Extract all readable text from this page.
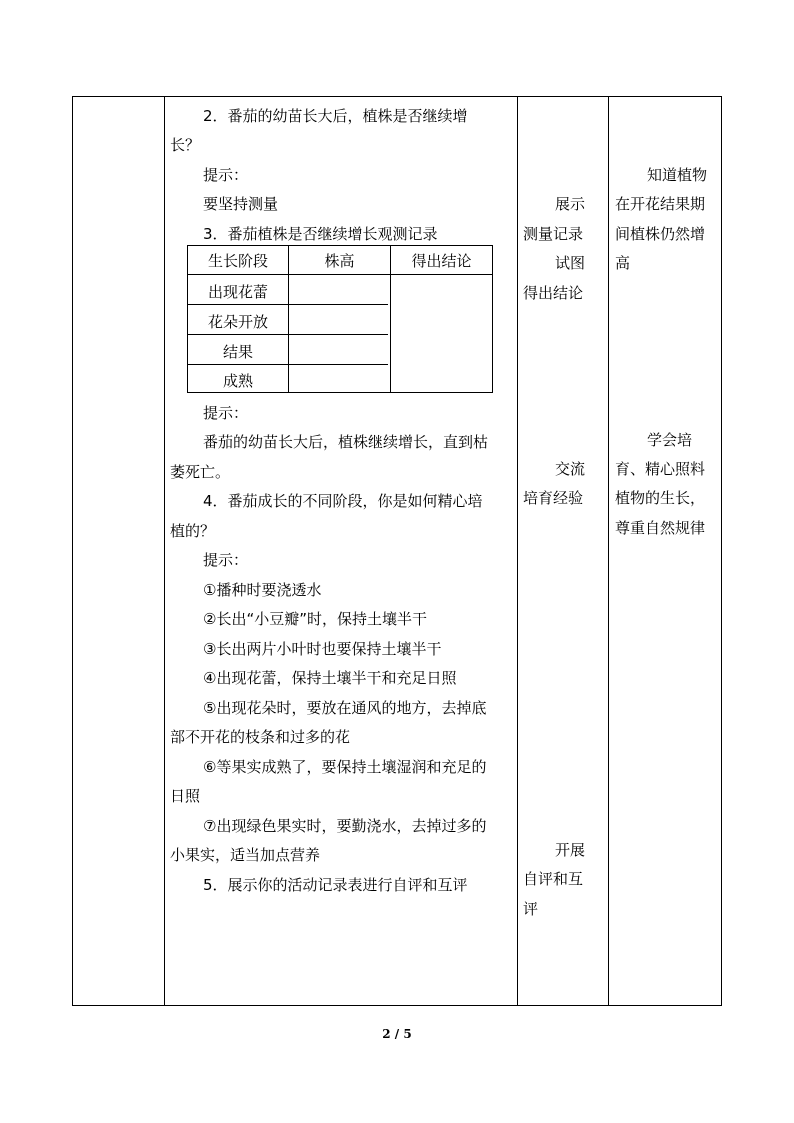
2．番茄的幼苗长大后，植株是否继续增
长？
提示：
要坚持测量
3．番茄植株是否继续增长观测记录
生长阶段	株高	得出结论
出现花蕾
花朵开放
结果
成熟
提示：
番茄的幼苗长大后，植株继续增长，直到枯
萎死亡。
4．番茄成长的不同阶段，你是如何精心培
植的？
提示：
①播种时要浇透水
②长出“小豆瓣”时，保持土壤半干
③长出两片小叶时也要保持土壤半干
④出现花蕾，保持土壤半干和充足日照
⑤出现花朵时，要放在通风的地方，去掉底
部不开花的枝条和过多的花
⑥等果实成熟了，要保持土壤湿润和充足的
日照
⑦出现绿色果实时，要勤浇水，去掉过多的
小果实，适当加点营养
5．展示你的活动记录表进行自评和互评
展示
测量记录
试图
得出结论
交流
培育经验
开展
自评和互
评
知道植物
在开花结果期
间植株仍然增
高
学会培
育、精心照料
植物的生长，
尊重自然规律
2 / 5
